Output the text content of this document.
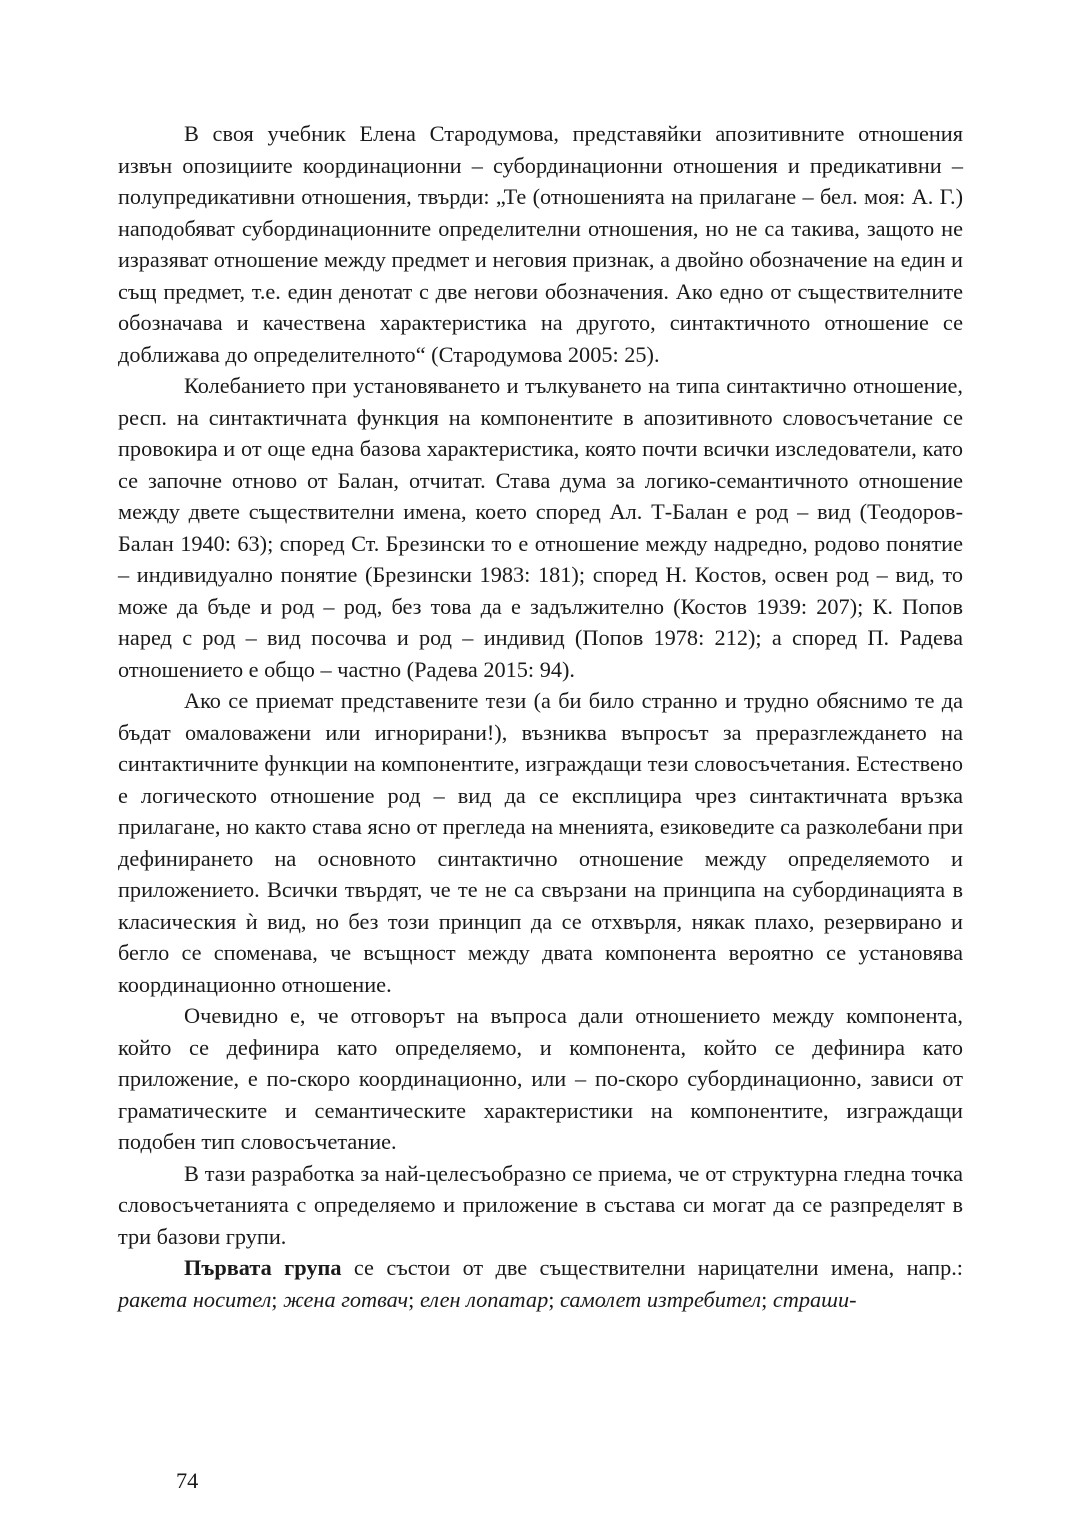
В своя учебник Елена Стародумова, представяйки апозитивните отношения извън опозициите координационни – субординационни отношения и предикативни – полупредикативни отношения, твърди: „Те (отношенията на прилагане – бел. моя: А. Г.) наподобяват субординационните определителни отношения, но не са такива, защото не изразяват отношение между предмет и неговия признак, а двойно обозначение на един и същ предмет, т.е. един денотат с две негови обозначения. Ако едно от съществителните обозначава и качествена характеристика на другото, синтактичното отношение се доближава до определителното“ (Стародумова 2005: 25).

Колебанието при установяването и тълкуването на типа синтактично отношение, респ. на синтактичната функция на компонентите в апозитивното словосъчетание се провокира и от още една базова характеристика, която почти всички изследователи, като се започне отново от Балан, отчитат. Става дума за логико-семантичното отношение между двете съществителни имена, което според Ал. Т-Балан е род – вид (Теодоров-Балан 1940: 63); според Ст. Брезински то е отношение между надредно, родово понятие – индивидуално понятие (Брезински 1983: 181); според Н. Костов, освен род – вид, то може да бъде и род – род, без това да е задължително (Костов 1939: 207); К. Попов наред с род – вид посочва и род – индивид (Попов 1978: 212); а според П. Радева отношението е общо – частно (Радева 2015: 94).

Ако се приемат представените тези (а би било странно и трудно обяснимо те да бъдат омаловажени или игнорирани!), възниква въпросът за преразглеждането на синтактичните функции на компонентите, изграждащи тези словосъчетания. Естествено е логическото отношение род – вид да се експлицира чрез синтактичната връзка прилагане, но както става ясно от прегледа на мненията, езиковедите са разколебани при дефинирането на основното синтактично отношение между определяемото и приложението. Всички твърдят, че те не са свързани на принципа на субординацията в класическия ѝ вид, но без този принцип да се отхвърля, някак плахо, резервирано и бегло се споменава, че всъщност между двата компонента вероятно се установява координационно отношение.

Очевидно е, че отговорът на въпроса дали отношението между компонента, който се дефинира като определяемо, и компонента, който се дефинира като приложение, е по-скоро координационно, или – по-скоро субординационно, зависи от граматическите и семантическите характеристики на компонентите, изграждащи подобен тип словосъчетание.

В тази разработка за най-целесъобразно се приема, че от структурна гледна точка словосъчетанията с определяемо и приложение в състава си могат да се разпределят в три базови групи.

Първата група се състои от две съществителни нарицателни имена, напр.: ракета носител; жена готвач; елен лопатар; самолет изтребител; страши-

74
